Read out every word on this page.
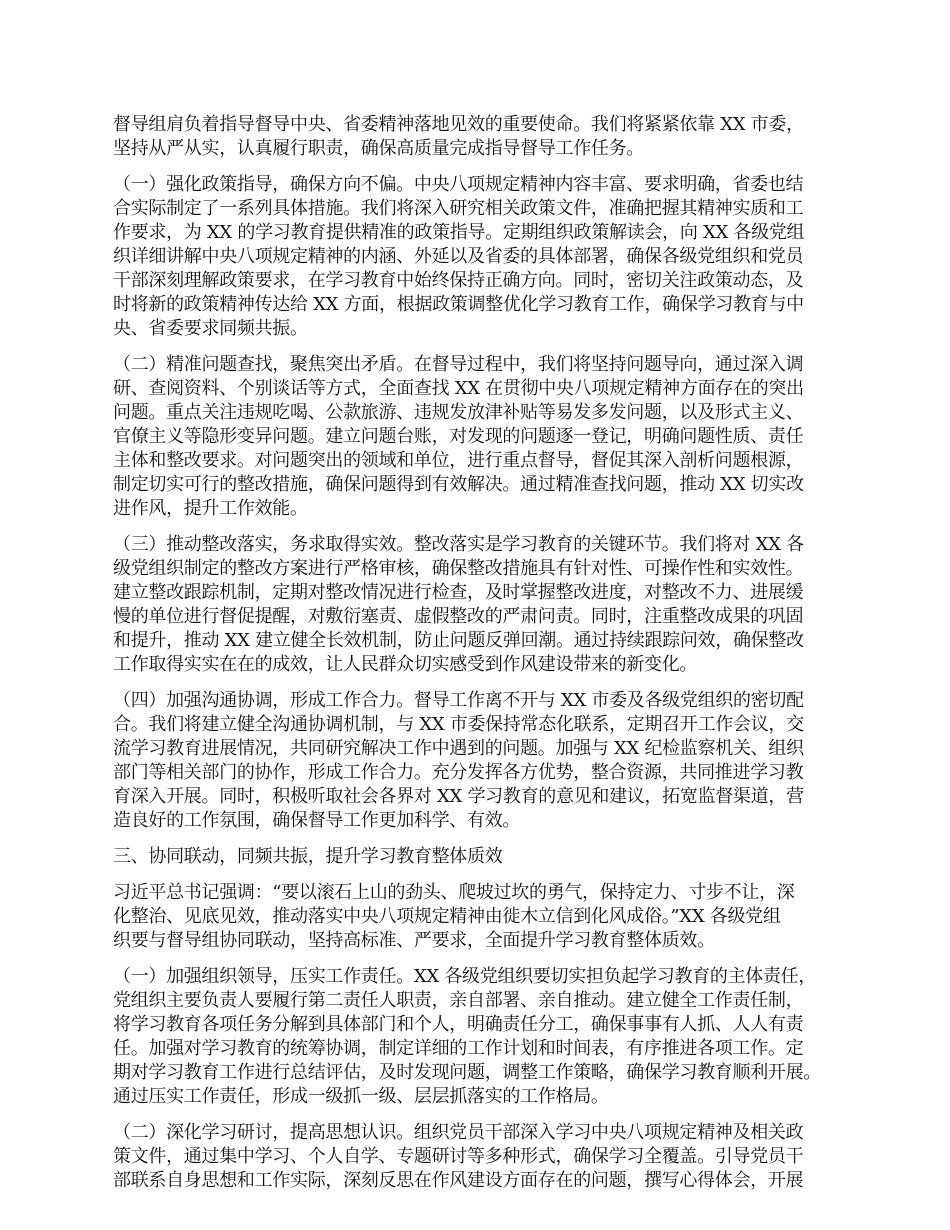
督导组肩负着指导督导中央、省委精神落地见效的重要使命。我们将紧紧依靠 XX 市委，
坚持从严从实，认真履行职责，确保高质量完成指导督导工作任务。

（一）强化政策指导，确保方向不偏。中央八项规定精神内容丰富、要求明确，省委也结
合实际制定了一系列具体措施。我们将深入研究相关政策文件，准确把握其精神实质和工
作要求，为 XX 的学习教育提供精准的政策指导。定期组织政策解读会，向 XX 各级党组
织详细讲解中央八项规定精神的内涵、外延以及省委的具体部署，确保各级党组织和党员
干部深刻理解政策要求，在学习教育中始终保持正确方向。同时，密切关注政策动态，及
时将新的政策精神传达给 XX 方面，根据政策调整优化学习教育工作，确保学习教育与中
央、省委要求同频共振。

（二）精准问题查找，聚焦突出矛盾。在督导过程中，我们将坚持问题导向，通过深入调
研、查阅资料、个别谈话等方式，全面查找 XX 在贯彻中央八项规定精神方面存在的突出
问题。重点关注违规吃喝、公款旅游、违规发放津补贴等易发多发问题，以及形式主义、
官僚主义等隐形变异问题。建立问题台账，对发现的问题逐一登记，明确问题性质、责任
主体和整改要求。对问题突出的领域和单位，进行重点督导，督促其深入剖析问题根源，
制定切实可行的整改措施，确保问题得到有效解决。通过精准查找问题，推动 XX 切实改
进作风，提升工作效能。

（三）推动整改落实，务求取得实效。整改落实是学习教育的关键环节。我们将对 XX 各
级党组织制定的整改方案进行严格审核，确保整改措施具有针对性、可操作性和实效性。
建立整改跟踪机制，定期对整改情况进行检查，及时掌握整改进度，对整改不力、进展缓
慢的单位进行督促提醒，对敷衍塞责、虚假整改的严肃问责。同时，注重整改成果的巩固
和提升，推动 XX 建立健全长效机制，防止问题反弹回潮。通过持续跟踪问效，确保整改
工作取得实实在在的成效，让人民群众切实感受到作风建设带来的新变化。

（四）加强沟通协调，形成工作合力。督导工作离不开与 XX 市委及各级党组织的密切配
合。我们将建立健全沟通协调机制，与 XX 市委保持常态化联系，定期召开工作会议，交
流学习教育进展情况，共同研究解决工作中遇到的问题。加强与 XX 纪检监察机关、组织
部门等相关部门的协作，形成工作合力。充分发挥各方优势，整合资源，共同推进学习教
育深入开展。同时，积极听取社会各界对 XX 学习教育的意见和建议，拓宽监督渠道，营
造良好的工作氛围，确保督导工作更加科学、有效。

三、协同联动，同频共振，提升学习教育整体质效

习近平总书记强调：“要以滚石上山的劲头、爬坡过坎的勇气，保持定力、寸步不让，深
化整治、见底见效，推动落实中央八项规定精神由徙木立信到化风成俗。”XX 各级党组
织要与督导组协同联动，坚持高标准、严要求，全面提升学习教育整体质效。

（一）加强组织领导，压实工作责任。XX 各级党组织要切实担负起学习教育的主体责任，
党组织主要负责人要履行第二责任人职责，亲自部署、亲自推动。建立健全工作责任制，
将学习教育各项任务分解到具体部门和个人，明确责任分工，确保事事有人抓、人人有责
任。加强对学习教育的统筹协调，制定详细的工作计划和时间表，有序推进各项工作。定
期对学习教育工作进行总结评估，及时发现问题，调整工作策略，确保学习教育顺利开展。
通过压实工作责任，形成一级抓一级、层层抓落实的工作格局。

（二）深化学习研讨，提高思想认识。组织党员干部深入学习中央八项规定精神及相关政
策文件，通过集中学习、个人自学、专题研讨等多种形式，确保学习全覆盖。引导党员干
部联系自身思想和工作实际，深刻反思在作风建设方面存在的问题，撰写心得体会，开展
